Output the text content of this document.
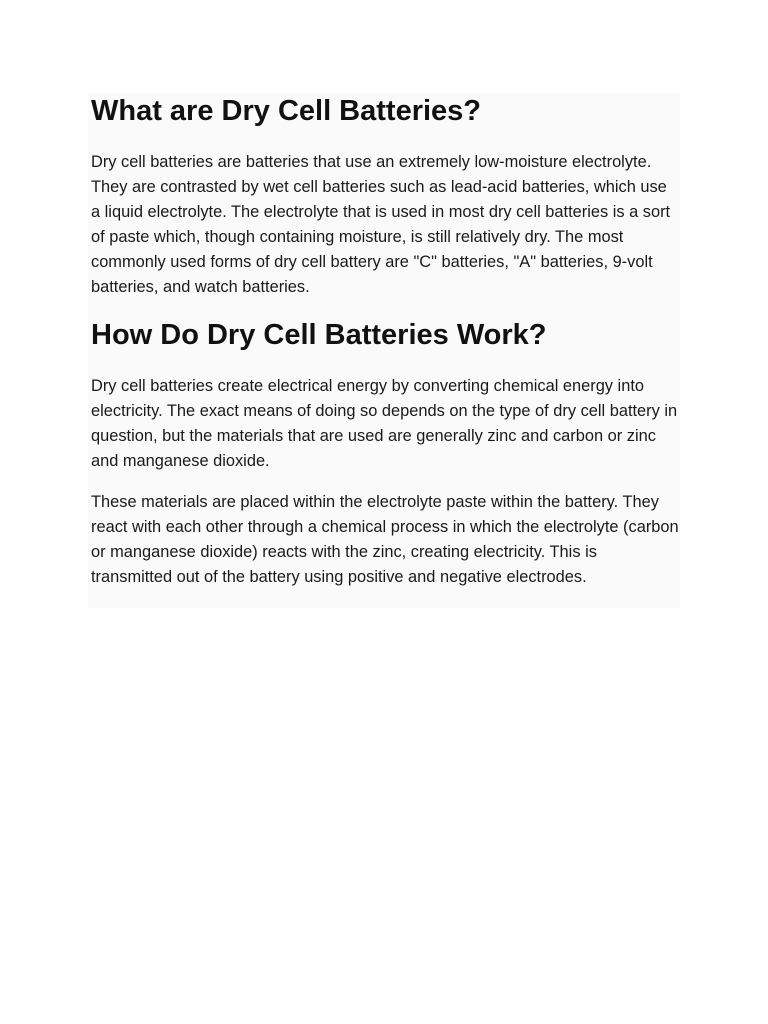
What are Dry Cell Batteries?

Dry cell batteries are batteries that use an extremely low-moisture electrolyte. They are contrasted by wet cell batteries such as lead-acid batteries, which use a liquid electrolyte. The electrolyte that is used in most dry cell batteries is a sort of paste which, though containing moisture, is still relatively dry. The most commonly used forms of dry cell battery are "C" batteries, "A" batteries, 9-volt batteries, and watch batteries.

How Do Dry Cell Batteries Work?

Dry cell batteries create electrical energy by converting chemical energy into electricity. The exact means of doing so depends on the type of dry cell battery in question, but the materials that are used are generally zinc and carbon or zinc and manganese dioxide.

These materials are placed within the electrolyte paste within the battery. They react with each other through a chemical process in which the electrolyte (carbon or manganese dioxide) reacts with the zinc, creating electricity. This is transmitted out of the battery using positive and negative electrodes.
